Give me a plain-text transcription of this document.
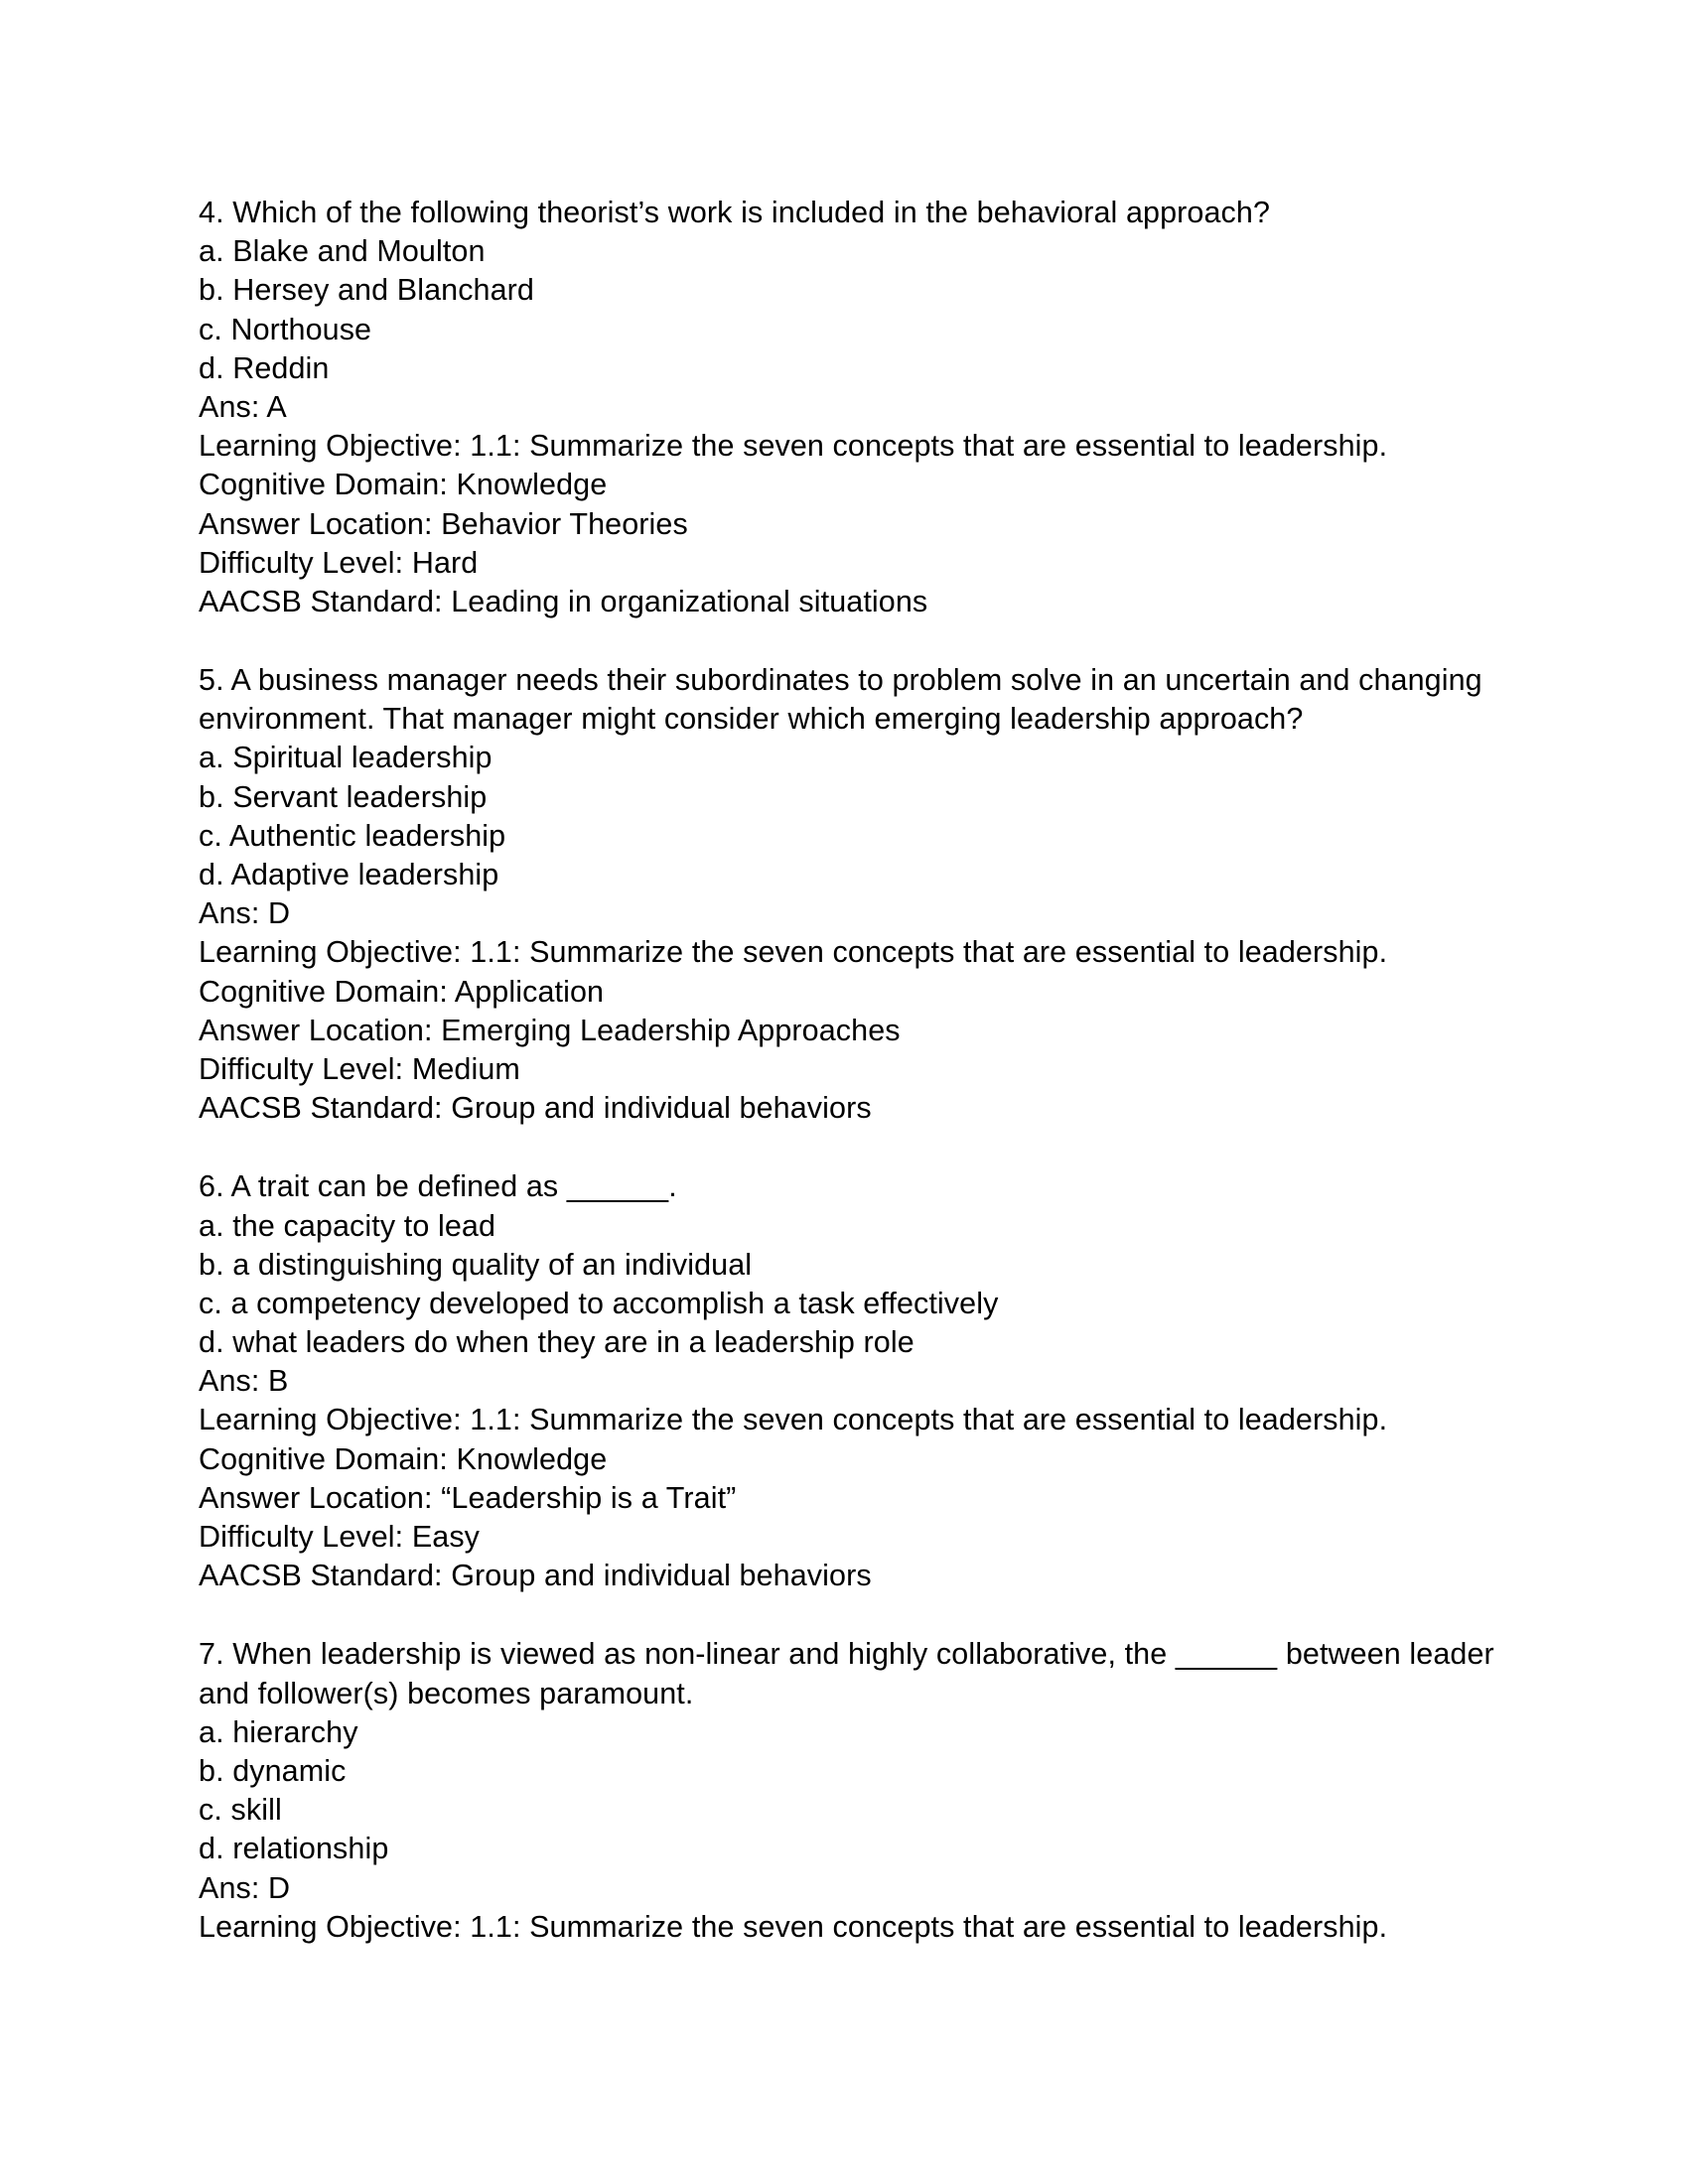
4. Which of the following theorist’s work is included in the behavioral approach?
a. Blake and Moulton
b. Hersey and Blanchard
c. Northouse
d. Reddin
Ans: A
Learning Objective: 1.1: Summarize the seven concepts that are essential to leadership.
Cognitive Domain: Knowledge
Answer Location: Behavior Theories
Difficulty Level: Hard
AACSB Standard: Leading in organizational situations
5. A business manager needs their subordinates to problem solve in an uncertain and changing environment. That manager might consider which emerging leadership approach?
a. Spiritual leadership
b. Servant leadership
c. Authentic leadership
d. Adaptive leadership
Ans: D
Learning Objective: 1.1: Summarize the seven concepts that are essential to leadership.
Cognitive Domain: Application
Answer Location: Emerging Leadership Approaches
Difficulty Level: Medium
AACSB Standard: Group and individual behaviors
6. A trait can be defined as ______.
a. the capacity to lead
b. a distinguishing quality of an individual
c. a competency developed to accomplish a task effectively
d. what leaders do when they are in a leadership role
Ans: B
Learning Objective: 1.1: Summarize the seven concepts that are essential to leadership.
Cognitive Domain: Knowledge
Answer Location: “Leadership is a Trait”
Difficulty Level: Easy
AACSB Standard: Group and individual behaviors
7. When leadership is viewed as non-linear and highly collaborative, the ______ between leader and follower(s) becomes paramount.
a. hierarchy
b. dynamic
c. skill
d. relationship
Ans: D
Learning Objective: 1.1: Summarize the seven concepts that are essential to leadership.
